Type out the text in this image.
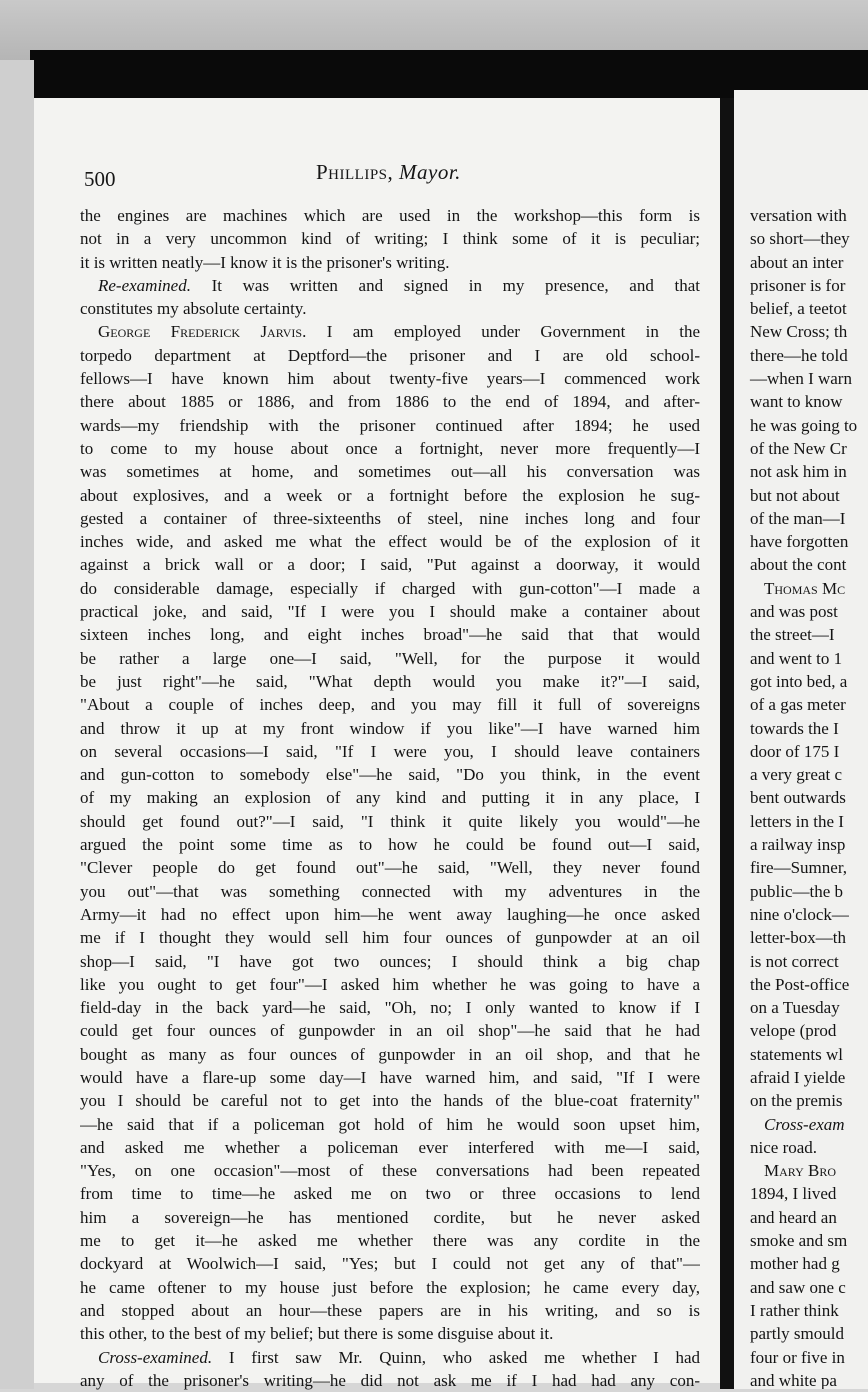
versation with
so short—they
about an inter
prisoner is for
belief, a teetot
New Cross; th
there—he told
—when I warn
want to know
he was going to
of the New Cr
not ask him in
but not about
of the man—I
have forgotten
about the cont
Thomas Mc
and was post
the street—I
and went to 1
got into bed, a
of a gas meter
towards the I
door of 175 I
a very great c
bent outwards
letters in the I
a railway insp
fire—Sumner,
public—the b
nine o'clock—
letter-box—th
is not correct
the Post-office
on a Tuesday
velope (prod
statements wl
afraid I yielde
on the premis
Cross-exam
nice road.
Mary Bro
1894, I lived
and heard an
smoke and sm
mother had g
and saw one c
I rather think
partly smould
four or five in
and white pa
500	Phillips, Mayor.
the engines are machines which are used in the workshop—this form is
not in a very uncommon kind of writing; I think some of it is peculiar;
it is written neatly—I know it is the prisoner's writing.
Re-examined. It was written and signed in my presence, and that
constitutes my absolute certainty.
George Frederick Jarvis. I am employed under Government in the
torpedo department at Deptford—the prisoner and I are old school-
fellows—I have known him about twenty-five years—I commenced work
there about 1885 or 1886, and from 1886 to the end of 1894, and after-
wards—my friendship with the prisoner continued after 1894; he used
to come to my house about once a fortnight, never more frequently—I
was sometimes at home, and sometimes out—all his conversation was
about explosives, and a week or a fortnight before the explosion he sug-
gested a container of three-sixteenths of steel, nine inches long and four
inches wide, and asked me what the effect would be of the explosion of it
against a brick wall or a door; I said, "Put against a doorway, it would
do considerable damage, especially if charged with gun-cotton"—I made a
practical joke, and said, "If I were you I should make a container about
sixteen inches long, and eight inches broad"—he said that that would
be rather a large one—I said, "Well, for the purpose it would
be just right"—he said, "What depth would you make it?"—I said,
"About a couple of inches deep, and you may fill it full of sovereigns
and throw it up at my front window if you like"—I have warned him
on several occasions—I said, "If I were you, I should leave containers
and gun-cotton to somebody else"—he said, "Do you think, in the event
of my making an explosion of any kind and putting it in any place, I
should get found out?"—I said, "I think it quite likely you would"—he
argued the point some time as to how he could be found out—I said,
"Clever people do get found out"—he said, "Well, they never found
you out"—that was something connected with my adventures in the
Army—it had no effect upon him—he went away laughing—he once asked
me if I thought they would sell him four ounces of gunpowder at an oil
shop—I said, "I have got two ounces; I should think a big chap
like you ought to get four"—I asked him whether he was going to have a
field-day in the back yard—he said, "Oh, no; I only wanted to know if I
could get four ounces of gunpowder in an oil shop"—he said that he had
bought as many as four ounces of gunpowder in an oil shop, and that he
would have a flare-up some day—I have warned him, and said, "If I were
you I should be careful not to get into the hands of the blue-coat fraternity"
—he said that if a policeman got hold of him he would soon upset him,
and asked me whether a policeman ever interfered with me—I said,
"Yes, on one occasion"—most of these conversations had been repeated
from time to time—he asked me on two or three occasions to lend
him a sovereign—he has mentioned cordite, but he never asked
me to get it—he asked me whether there was any cordite in the
dockyard at Woolwich—I said, "Yes; but I could not get any of that"—
he came oftener to my house just before the explosion; he came every day,
and stopped about an hour—these papers are in his writing, and so is
this other, to the best of my belief; but there is some disguise about it.
Cross-examined. I first saw Mr. Quinn, who asked me whether I had
any of the prisoner's writing—he did not ask me if I had had any con-
